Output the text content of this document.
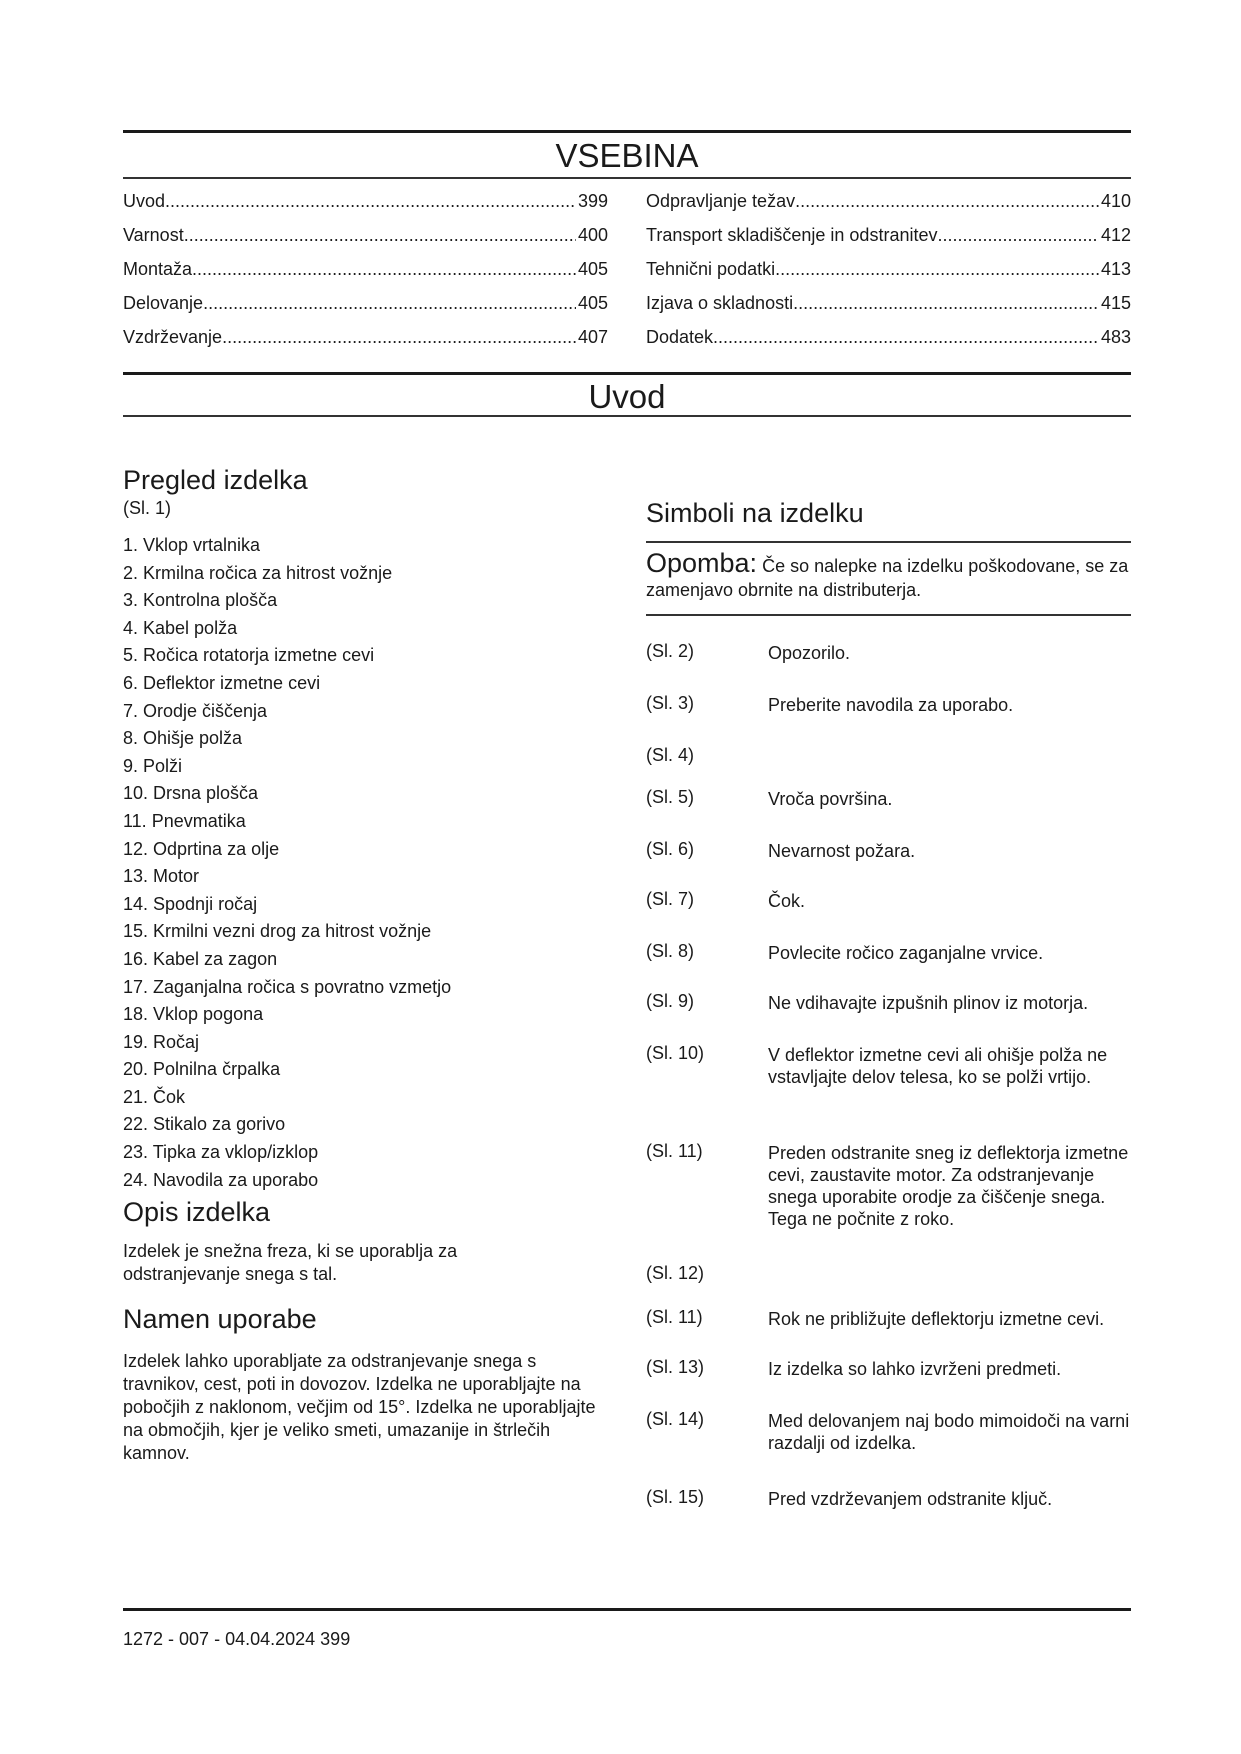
VSEBINA
Uvod .....	399
Varnost .....	400
Montaža .....	405
Delovanje .....	405
Vzdrževanje .....	407
Odpravljanje težav .....	410
Transport skladiščenje in odstranitev .....	412
Tehnični podatki .....	413
Izjava o skladnosti .....	415
Dodatek .....	483
Uvod
Pregled izdelka
(Sl. 1)
1. Vklop vrtalnika
2. Krmilna ročica za hitrost vožnje
3. Kontrolna plošča
4. Kabel polža
5. Ročica rotatorja izmetne cevi
6. Deflektor izmetne cevi
7. Orodje čiščenja
8. Ohišje polža
9. Polži
10. Drsna plošča
11. Pnevmatika
12. Odprtina za olje
13. Motor
14. Spodnji ročaj
15. Krmilni vezni drog za hitrost vožnje
16. Kabel za zagon
17. Zaganjalna ročica s povratno vzmetjo
18. Vklop pogona
19. Ročaj
20. Polnilna črpalka
21. Čok
22. Stikalo za gorivo
23. Tipka za vklop/izklop
24. Navodila za uporabo
Opis izdelka
Izdelek je snežna freza, ki se uporablja za odstranjevanje snega s tal.
Namen uporabe
Izdelek lahko uporabljate za odstranjevanje snega s travnikov, cest, poti in dovozov. Izdelka ne uporabljajte na pobočjih z naklonom, večjim od 15°. Izdelka ne uporabljajte na območjih, kjer je veliko smeti, umazanije in štrlečih kamnov.
Simboli na izdelku
Opomba: Če so nalepke na izdelku poškodovane, se za zamenjavo obrnite na distributerja.
(Sl. 2)	Opozorilo.
(Sl. 3)	Preberite navodila za uporabo.
(Sl. 4)
(Sl. 5)	Vroča površina.
(Sl. 6)	Nevarnost požara.
(Sl. 7)	Čok.
(Sl. 8)	Povlecite ročico zaganjalne vrvice.
(Sl. 9)	Ne vdihavajte izpušnih plinov iz motorja.
(Sl. 10)	V deflektor izmetne cevi ali ohišje polža ne vstavljajte delov telesa, ko se polži vrtijo.
(Sl. 11)	Preden odstranite sneg iz deflektorja izmetne cevi, zaustavite motor. Za odstranjevanje snega uporabite orodje za čiščenje snega. Tega ne počnite z roko.
(Sl. 12)
(Sl. 11)	Rok ne približujte deflektorju izmetne cevi.
(Sl. 13)	Iz izdelka so lahko izvrženi predmeti.
(Sl. 14)	Med delovanjem naj bodo mimoidoči na varni razdalji od izdelka.
(Sl. 15)	Pred vzdrževanjem odstranite ključ.
1272 - 007 - 04.04.2024 399
